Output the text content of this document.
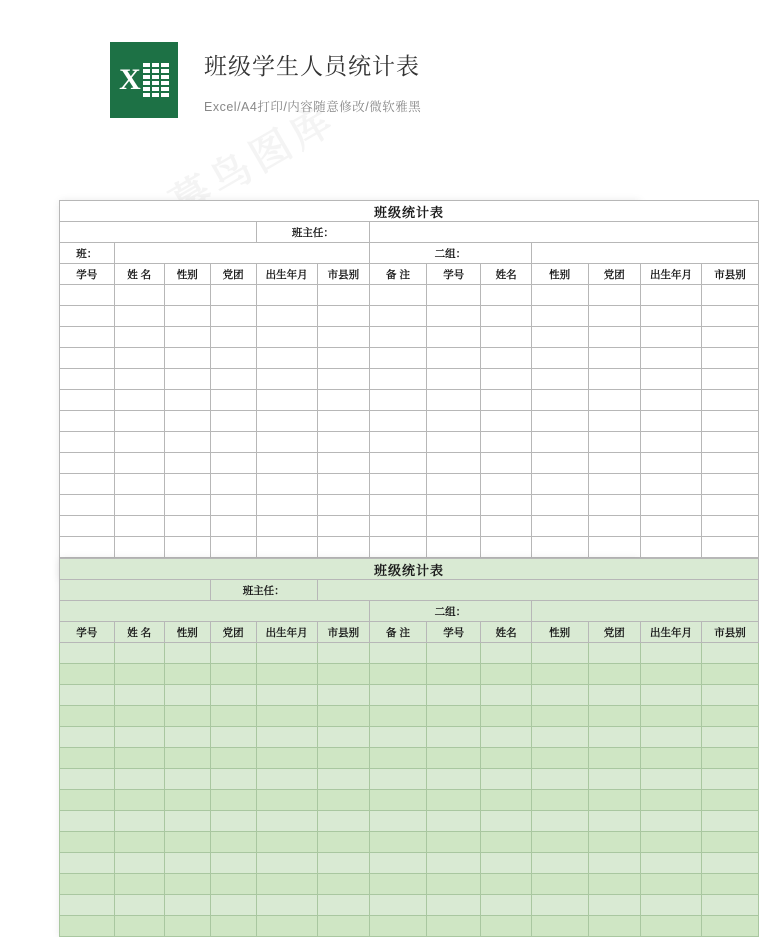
X	班级学生人员统计表
Excel/A4打印/内容随意修改/微软雅黑
班级统计表												
				班主任：								
班：						二组：						
学号	姓 名	性别	党团	出生年月	市县别	备 注	学号	姓名	性别	党团	出生年月	市县别

班级统计表												
			班主任：									
						二组：						
学号	姓 名	性别	党团	出生年月	市县别	备 注	学号	姓名	性别	党团	出生年月	市县别
